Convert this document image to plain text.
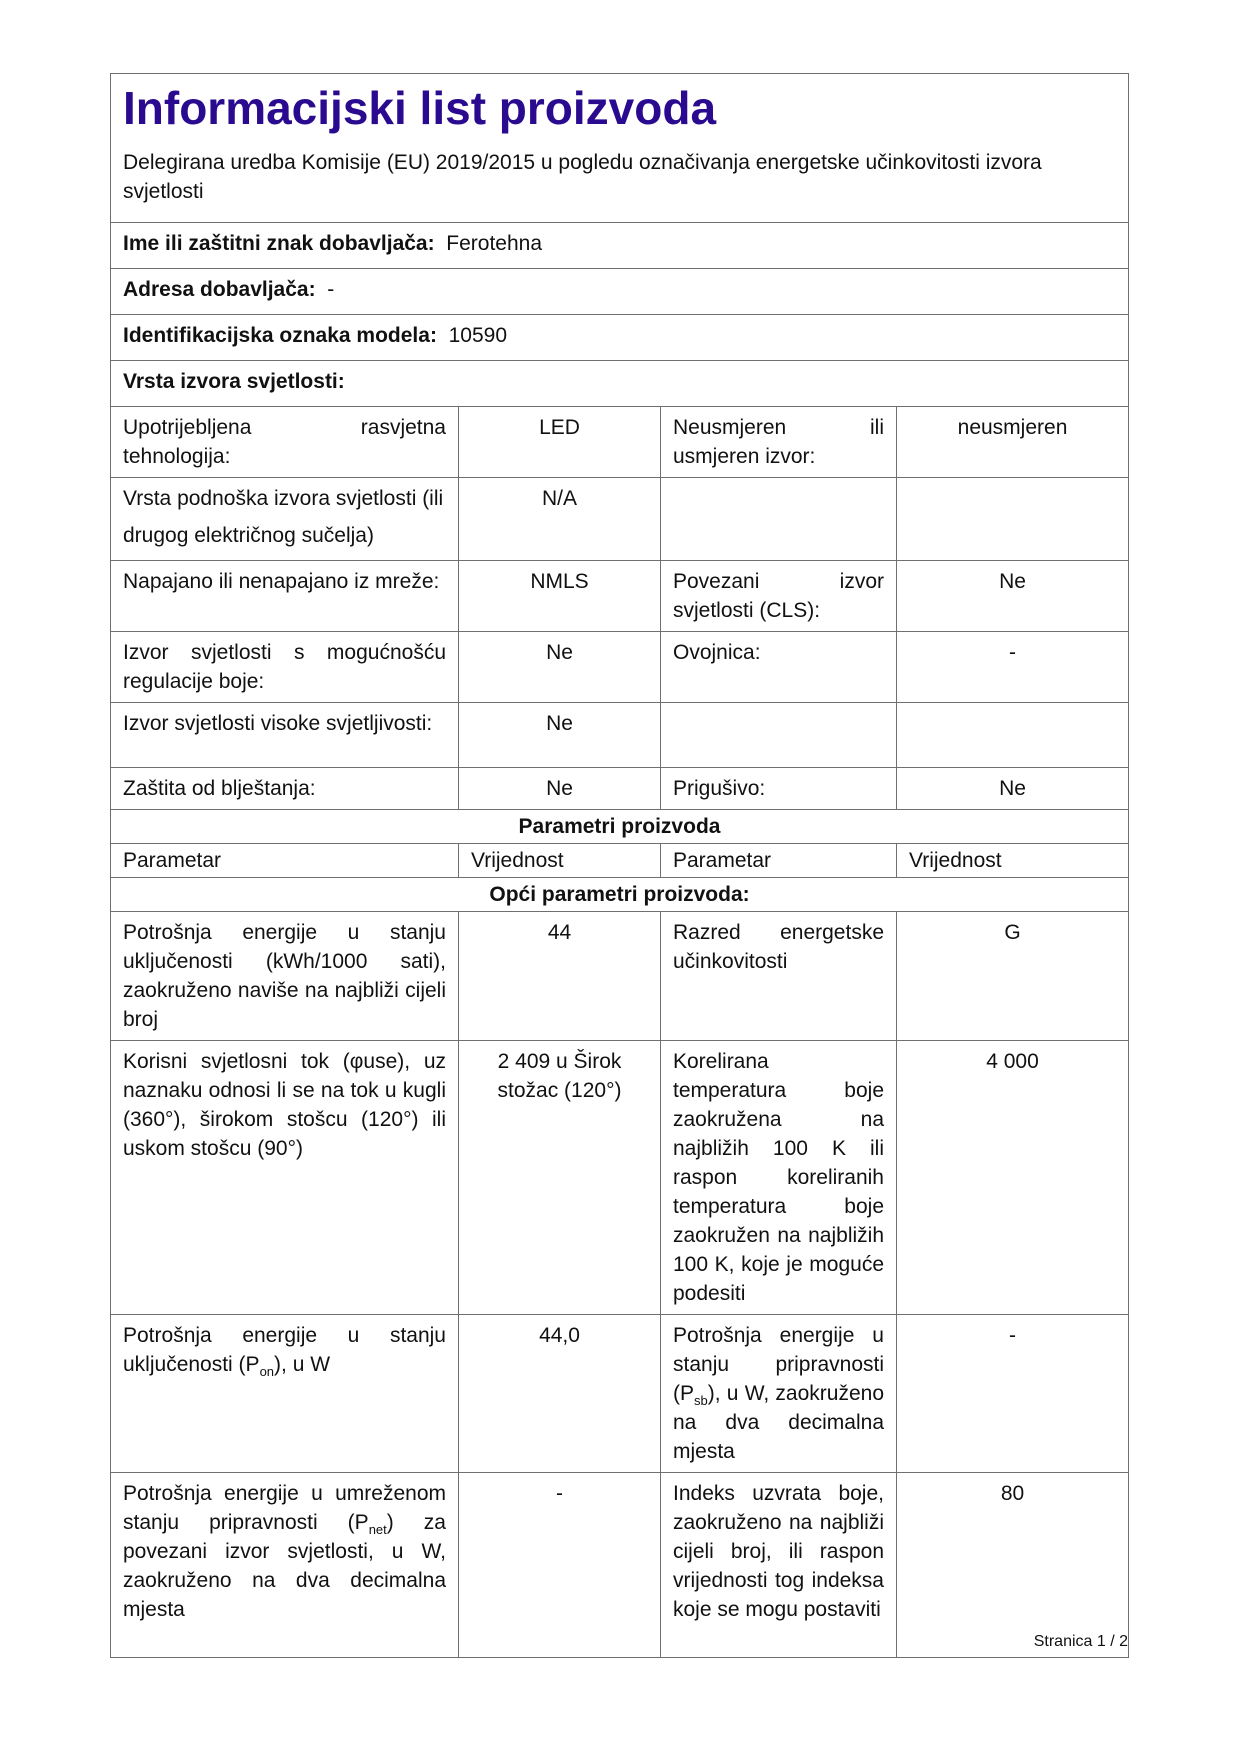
Informacijski list proizvoda
Delegirana uredba Komisije (EU) 2019/2015 u pogledu označivanja energetske učinkovitosti izvora svjetlosti

Ime ili zaštitni znak dobavljača: Ferotehna			
Adresa dobavljača: -			
Identifikacijska oznaka modela: 10590			
Vrsta izvora svjetlosti:			
Upotrijebljena rasvjetna tehnologija:	LED	Neusmjeren ili usmjeren izvor:	neusmjeren
Vrsta podnoška izvora svjetlosti (ili drugog električnog sučelja)	N/A		
Napajano ili nenapajano iz mreže:	NMLS	Povezani izvor svjetlosti (CLS):	Ne
Izvor svjetlosti s mogućnošću regulacije boje:	Ne	Ovojnica:	-
Izvor svjetlosti visoke svjetljivosti:	Ne		
Zaštita od blještanja:	Ne	Prigušivo:	Ne
Parametri proizvoda			
Parametar	Vrijednost	Parametar	Vrijednost
Opći parametri proizvoda:			
Potrošnja energije u stanju uključenosti (kWh/1000 sati), zaokruženo naviše na najbliži cijeli broj	44	Razred energetske učinkovitosti	G
Korisni svjetlosni tok (φuse), uz naznaku odnosi li se na tok u kugli (360°), širokom stošcu (120°) ili uskom stošcu (90°)	2 409 u Širok stožac (120°)	Korelirana temperatura boje zaokružena na najbližih 100 K ili raspon koreliranih temperatura boje zaokružen na najbližih 100 K, koje je moguće podesiti	4 000
Potrošnja energije u stanju uključenosti $(P_{on})$, u W	44,0	Potrošnja energije u stanju pripravnosti $(P_{sb})$, u W, zaokruženo na dva decimalna mjesta	-
Potrošnja energije u umreženom stanju pripravnosti $(P_{net})$ za povezani izvor svjetlosti, u W, zaokruženo na dva decimalna mjesta	-	Indeks uzvrata boje, zaokruženo na najbliži cijeli broj, ili raspon vrijednosti tog indeksa koje se mogu postaviti	80
Stranica 1 / 2
